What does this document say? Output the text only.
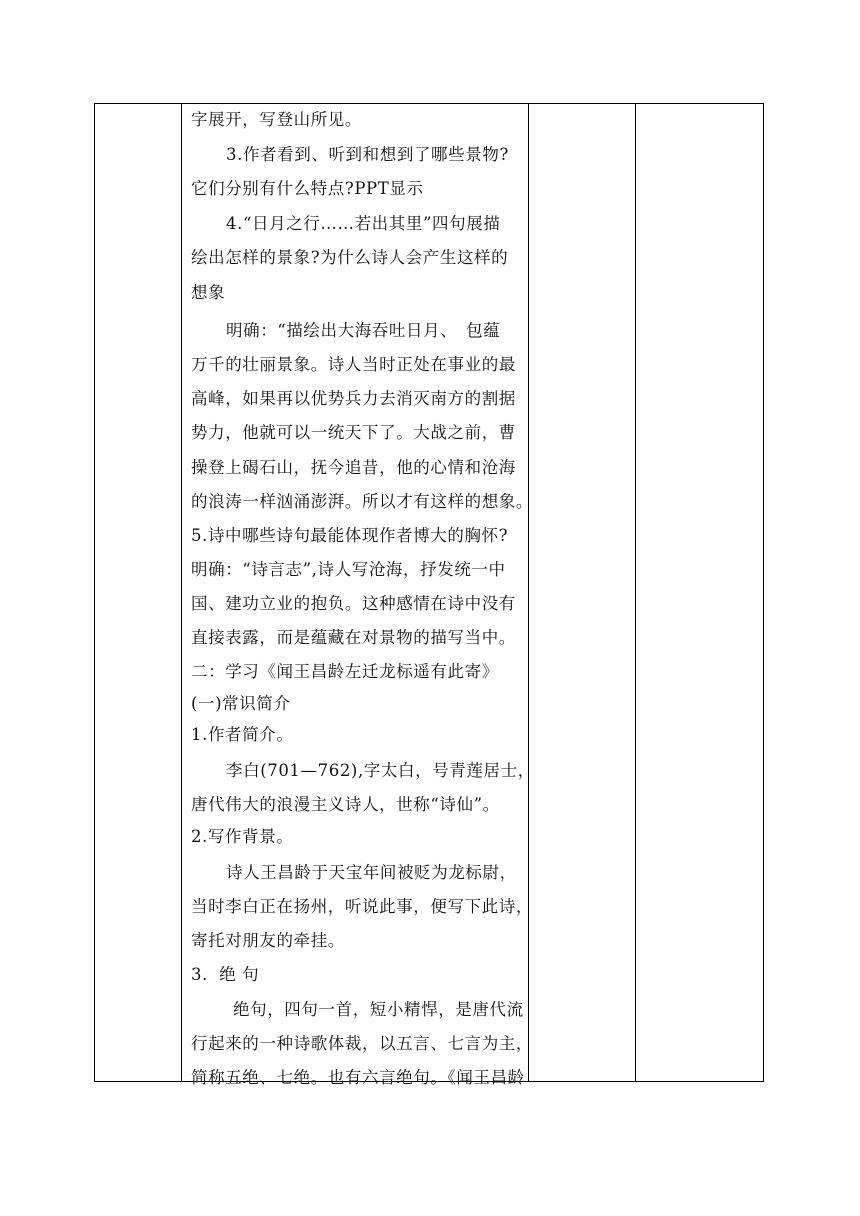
字展开，写登山所见。
3.作者看到、听到和想到了哪些景物?
它们分别有什么特点?PPT显示
4.“日月之行……若出其里”四句展描
绘出怎样的景象?为什么诗人会产生这样的
想象
明确：“描绘出大海吞吐日月、　包蕴
万千的壮丽景象。诗人当时正处在事业的最
高峰，如果再以优势兵力去消灭南方的割据
势力，他就可以一统天下了。大战之前，曹
操登上碣石山，抚今追昔，他的心情和沧海
的浪涛一样汹涌澎湃。所以才有这样的想象。
5.诗中哪些诗句最能体现作者博大的胸怀?
明确：“诗言志”,诗人写沧海，抒发统一中
国、建功立业的抱负。这种感情在诗中没有
直接表露，而是蕴藏在对景物的描写当中。
二：学习《闻王昌龄左迁龙标遥有此寄》
(一)常识简介
1.作者简介。
李白(701—762),字太白，号青莲居士，
唐代伟大的浪漫主义诗人，世称“诗仙”。
2.写作背景。
诗人王昌龄于天宝年间被贬为龙标尉，
当时李白正在扬州，听说此事，便写下此诗，
寄托对朋友的牵挂。
3．绝 句
绝句，四句一首，短小精悍，是唐代流
行起来的一种诗歌体裁，以五言、七言为主，
简称五绝、七绝。也有六言绝句。《闻王昌龄
